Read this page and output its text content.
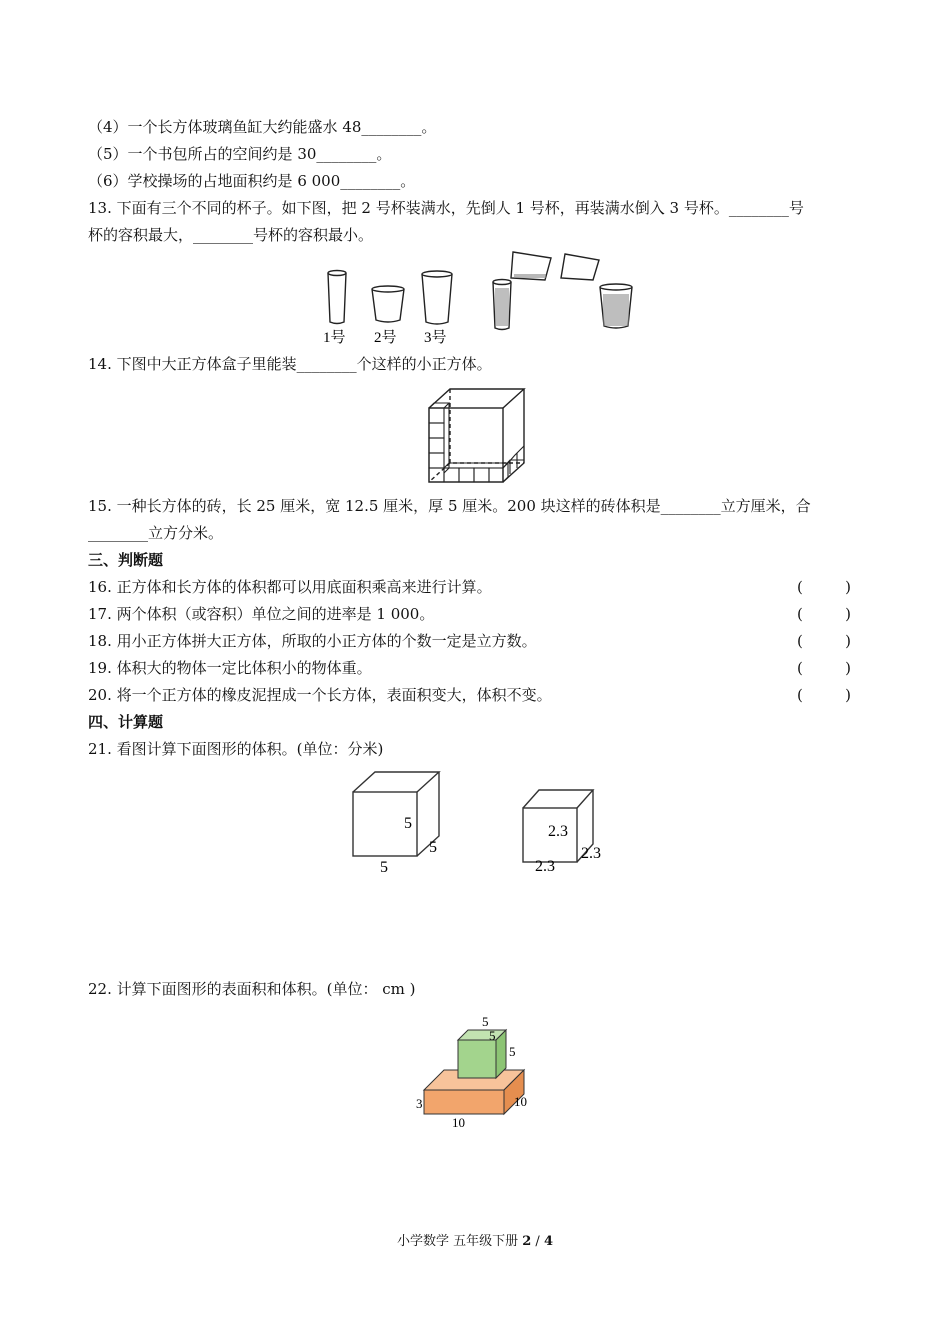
（4）一个长方体玻璃鱼缸大约能盛水 48________。
（5）一个书包所占的空间约是 30________。
（6）学校操场的占地面积约是 6 000________。
13. 下面有三个不同的杯子。如下图，把 2 号杯装满水，先倒人 1 号杯，再装满水倒入 3 号杯。________号
杯的容积最大，________号杯的容积最小。
1号 2号 3号
14. 下图中大正方体盒子里能装________个这样的小正方体。
15. 一种长方体的砖，长 25 厘米，宽 12.5 厘米，厚 5 厘米。200 块这样的砖体积是________立方厘米，合
________立方分米。
三、判断题
16. 正方体和长方体的体积都可以用底面积乘高来进行计算。	(	)
17. 两个体积（或容积）单位之间的进率是 1 000。	(	)
18. 用小正方体拼大正方体，所取的小正方体的个数一定是立方数。	(	)
19. 体积大的物体一定比体积小的物体重。	(	)
20. 将一个正方体的橡皮泥捏成一个长方体，表面积变大，体积不变。	(	)
四、计算题
21. 看图计算下面图形的体积。(单位：分米)
5
5
5
2.3
2.3
2.3
22. 计算下面图形的表面积和体积。(单位： cm )
5
5
5
3	10
10
小学数学 五年级下册 2 / 4
